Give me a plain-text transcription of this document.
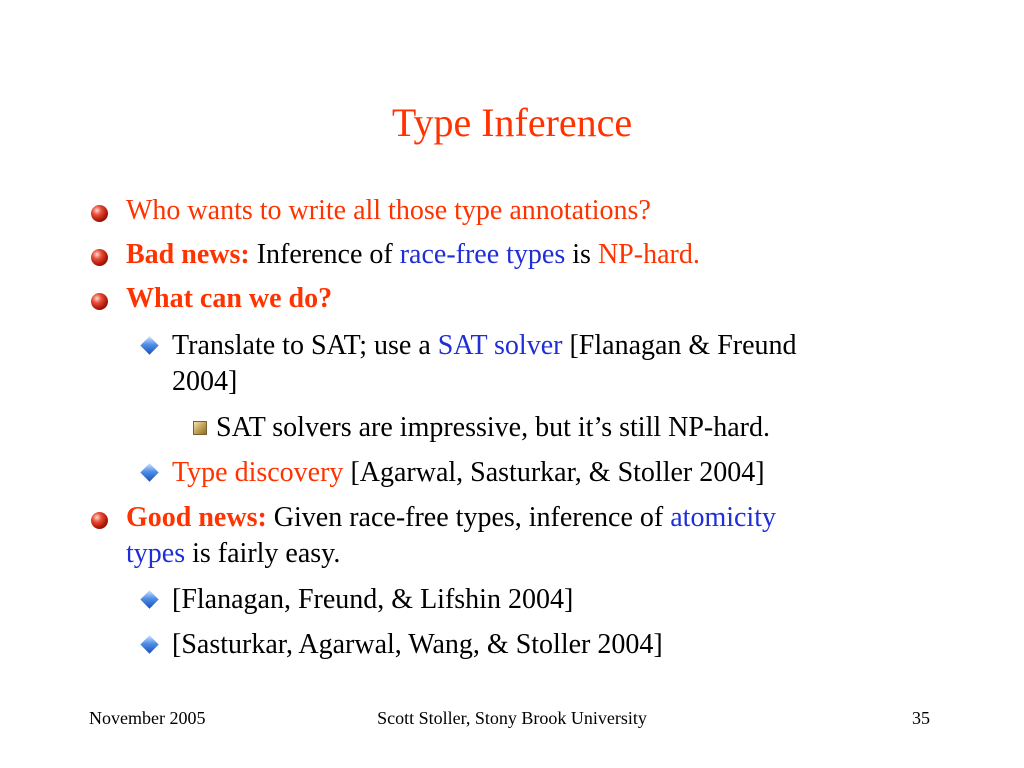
Type Inference
Who wants to write all those type annotations?
Bad news: Inference of race-free types is NP-hard.
What can we do?
Translate to SAT; use a SAT solver [Flanagan & Freund
2004]
SAT solvers are impressive, but it’s still NP-hard.
Type discovery [Agarwal, Sasturkar, & Stoller 2004]
Good news: Given race-free types, inference of atomicity
types is fairly easy.
[Flanagan, Freund, & Lifshin 2004]
[Sasturkar, Agarwal, Wang, & Stoller 2004]
November 2005	Scott Stoller, Stony Brook University	35
